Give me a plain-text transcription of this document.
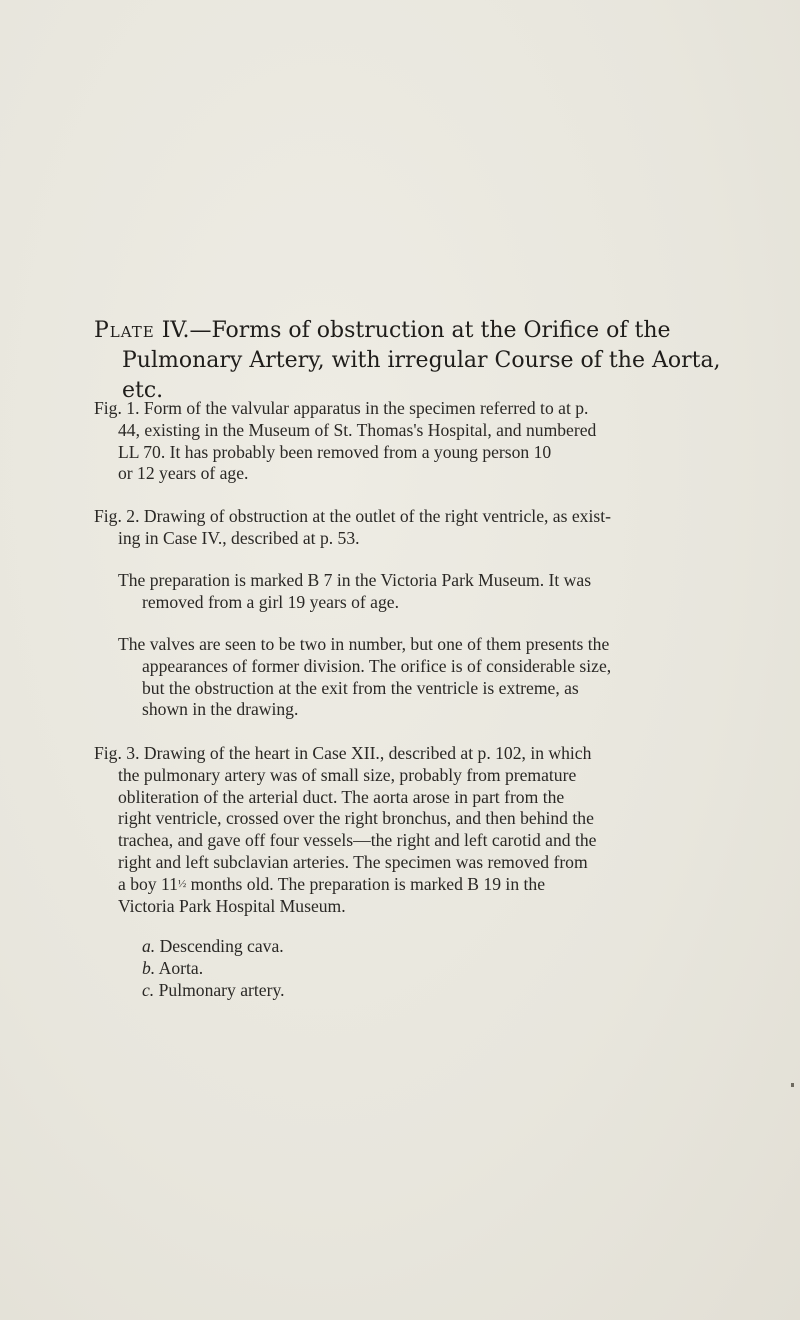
Plate IV.—Forms of obstruction at the Orifice of the
Pulmonary Artery, with irregular Course of the Aorta,
etc.
Fig. 1. Form of the valvular apparatus in the specimen referred to at p.
44, existing in the Museum of St. Thomas's Hospital, and numbered
LL 70. It has probably been removed from a young person 10
or 12 years of age.
Fig. 2. Drawing of obstruction at the outlet of the right ventricle, as exist-
ing in Case IV., described at p. 53.
The preparation is marked B 7 in the Victoria Park Museum. It was
removed from a girl 19 years of age.
The valves are seen to be two in number, but one of them presents the
appearances of former division. The orifice is of considerable size,
but the obstruction at the exit from the ventricle is extreme, as
shown in the drawing.
Fig. 3. Drawing of the heart in Case XII., described at p. 102, in which
the pulmonary artery was of small size, probably from premature
obliteration of the arterial duct. The aorta arose in part from the
right ventricle, crossed over the right bronchus, and then behind the
trachea, and gave off four vessels—the right and left carotid and the
right and left subclavian arteries. The specimen was removed from
a boy 11½ months old. The preparation is marked B 19 in the
Victoria Park Hospital Museum.
a. Descending cava.
b. Aorta.
c. Pulmonary artery.
